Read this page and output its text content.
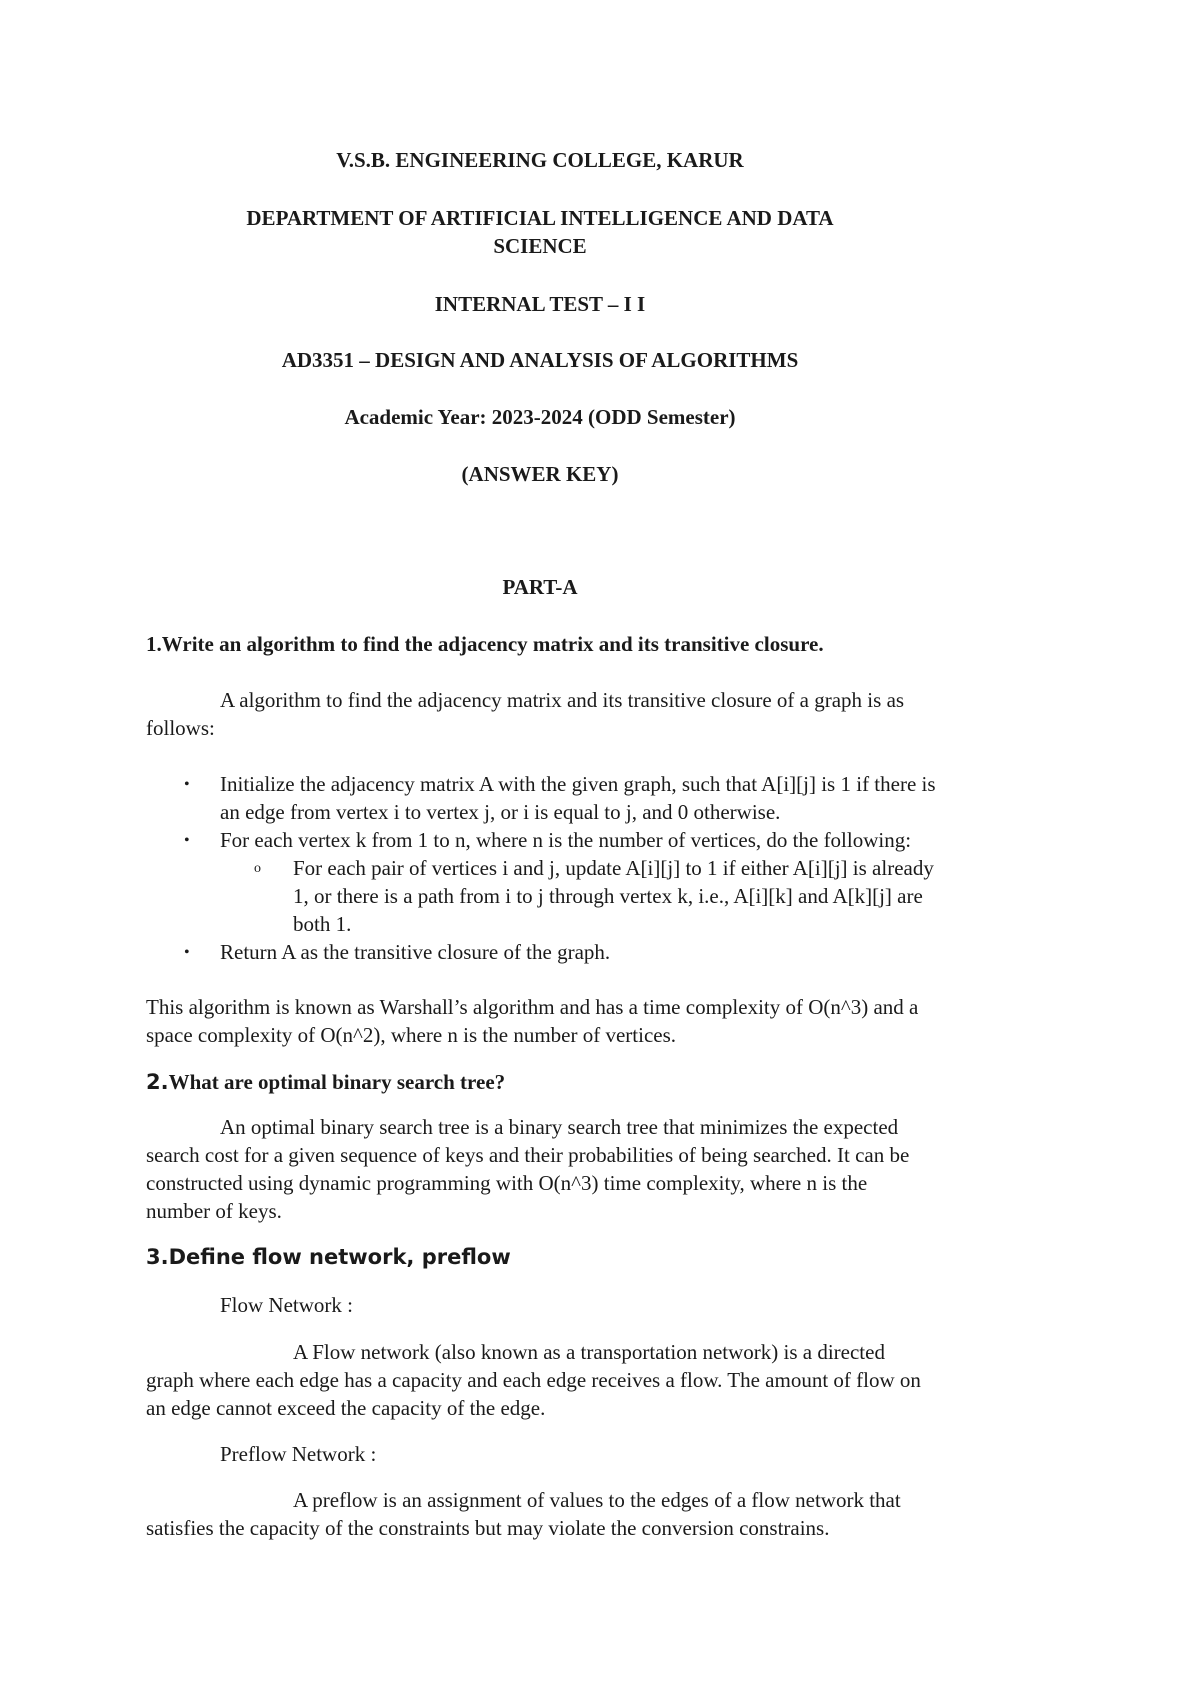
V.S.B. ENGINEERING COLLEGE, KARUR
DEPARTMENT OF ARTIFICIAL INTELLIGENCE AND DATA
SCIENCE
INTERNAL TEST – I I
AD3351 – DESIGN AND ANALYSIS OF ALGORITHMS
Academic Year: 2023-2024 (ODD Semester)
(ANSWER KEY)
PART-A
1.Write an algorithm to find the adjacency matrix and its transitive closure.
A algorithm to find the adjacency matrix and its transitive closure of a graph is as
follows:
• Initialize the adjacency matrix A with the given graph, such that A[i][j] is 1 if there is
an edge from vertex i to vertex j, or i is equal to j, and 0 otherwise.
• For each vertex k from 1 to n, where n is the number of vertices, do the following:
o For each pair of vertices i and j, update A[i][j] to 1 if either A[i][j] is already
1, or there is a path from i to j through vertex k, i.e., A[i][k] and A[k][j] are
both 1.
• Return A as the transitive closure of the graph.
This algorithm is known as Warshall’s algorithm and has a time complexity of O(n^3) and a
space complexity of O(n^2), where n is the number of vertices.
2.What are optimal binary search tree?
An optimal binary search tree is a binary search tree that minimizes the expected
search cost for a given sequence of keys and their probabilities of being searched. It can be
constructed using dynamic programming with O(n^3) time complexity, where n is the
number of keys.
3.Define flow network, preflow
Flow Network :
A Flow network (also known as a transportation network) is a directed
graph where each edge has a capacity and each edge receives a flow. The amount of flow on
an edge cannot exceed the capacity of the edge.
Preflow Network :
A preflow is an assignment of values to the edges of a flow network that
satisfies the capacity of the constraints but may violate the conversion constrains.
